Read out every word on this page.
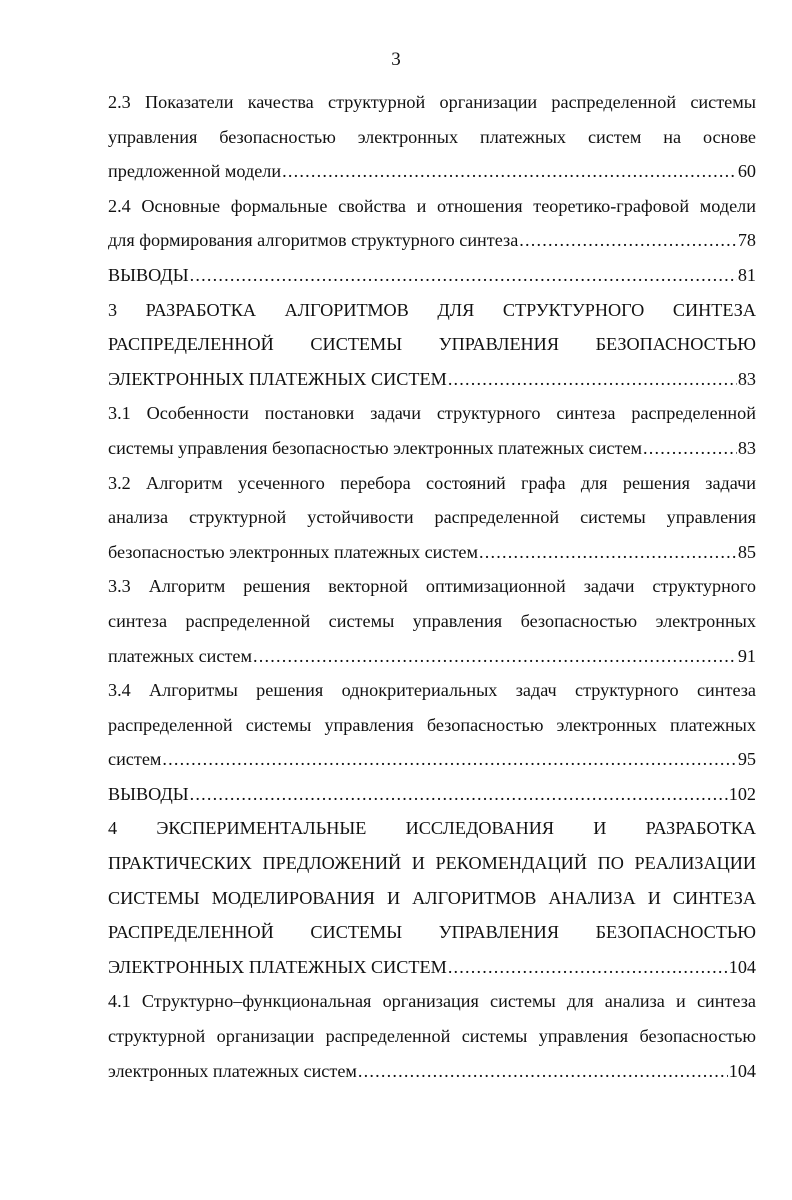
3
2.3 Показатели качества структурной организации распределенной системы
управления безопасностью электронных платежных систем на основе
предложенной модели .....	60
2.4 Основные формальные свойства и отношения теоретико-графовой модели
для формирования алгоритмов структурного синтеза .....	78
ВЫВОДЫ .....	81
3 РАЗРАБОТКА АЛГОРИТМОВ ДЛЯ СТРУКТУРНОГО СИНТЕЗА
РАСПРЕДЕЛЕННОЙ СИСТЕМЫ УПРАВЛЕНИЯ БЕЗОПАСНОСТЬЮ
ЭЛЕКТРОННЫХ ПЛАТЕЖНЫХ СИСТЕМ .....	83
3.1 Особенности постановки задачи структурного синтеза распределенной
системы управления безопасностью электронных платежных систем .....	83
3.2 Алгоритм усеченного перебора состояний графа для решения задачи
анализа структурной устойчивости распределенной системы управления
безопасностью электронных платежных систем .....	85
3.3 Алгоритм решения векторной оптимизационной задачи структурного
синтеза распределенной системы управления безопасностью электронных
платежных систем .....	91
3.4 Алгоритмы решения однокритериальных задач структурного синтеза
распределенной системы управления безопасностью электронных платежных
систем .....	95
ВЫВОДЫ .....	102
4 ЭКСПЕРИМЕНТАЛЬНЫЕ ИССЛЕДОВАНИЯ И РАЗРАБОТКА
ПРАКТИЧЕСКИХ ПРЕДЛОЖЕНИЙ И РЕКОМЕНДАЦИЙ ПО РЕАЛИЗАЦИИ
СИСТЕМЫ МОДЕЛИРОВАНИЯ И АЛГОРИТМОВ АНАЛИЗА И СИНТЕЗА
РАСПРЕДЕЛЕННОЙ СИСТЕМЫ УПРАВЛЕНИЯ БЕЗОПАСНОСТЬЮ
ЭЛЕКТРОННЫХ ПЛАТЕЖНЫХ СИСТЕМ .....	104
4.1 Структурно–функциональная организация системы для анализа и синтеза
структурной организации распределенной системы управления безопасностью
электронных платежных систем .....	104
